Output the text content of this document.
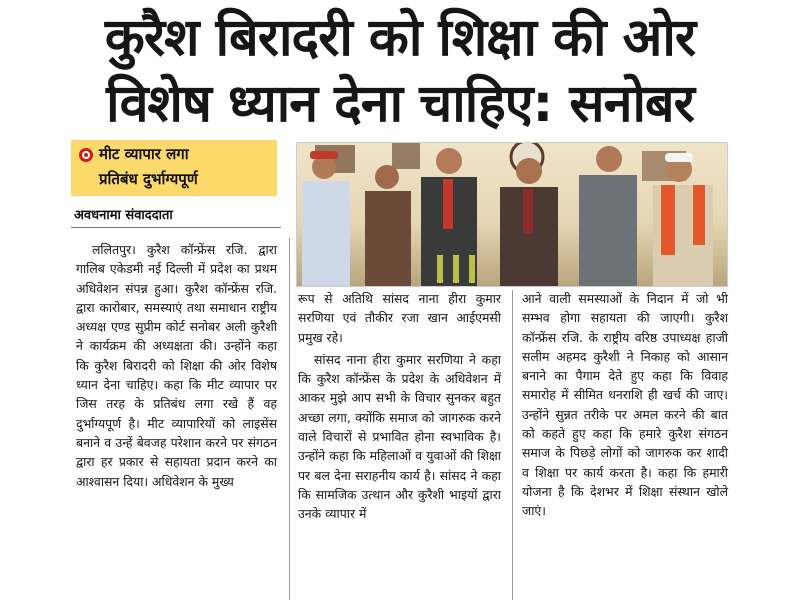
कुरैश बिरादरी को शिक्षा की ओर
विशेष ध्यान देना चाहिए: सनोबर
मीट व्यापार लगा
प्रतिबंध दुर्भाग्यपूर्ण
अवधनामा संवाददाता

ललितपुर। कुरैश कॉन्फ्रेंस रजि. द्वारा गालिब एकेडमी नई दिल्ली में प्रदेश का प्रथम अधिवेशन संपन्न हुआ। कुरैश कॉन्फ्रेंस रजि. द्वारा कारोबार, समस्याएं तथा समाधान राष्ट्रीय अध्यक्ष एण्ड सुप्रीम कोर्ट सनोबर अली कुरैशी ने कार्यक्रम की अध्यक्षता की। उन्होंने कहा कि कुरैश बिरादरी को शिक्षा की ओर विशेष ध्यान देना चाहिए। कहा कि मीट व्यापार पर जिस तरह के प्रतिबंध लगा रखे हैं वह दुर्भाग्यपूर्ण है। मीट व्यापारियों को लाइसेंस बनाने व उन्हें बेवजह परेशान करने पर संगठन द्वारा हर प्रकार से सहायता प्रदान करने का आश्वासन दिया। अधिवेशन के मुख्य

रूप से अतिथि सांसद नाना हीरा कुमार सरणिया एवं तौकीर रजा खान आईएमसी प्रमुख रहे।

सांसद नाना हीरा कुमार सरणिया ने कहा कि कुरैश कॉन्फ्रेंस के प्रदेश के अधिवेशन में आकर मुझे आप सभी के विचार सुनकर बहुत अच्छा लगा, क्योंकि समाज को जागरुक करने वाले विचारों से प्रभावित होना स्वभाविक है। उन्होंने कहा कि महिलाओं व युवाओं की शिक्षा पर बल देना सराहनीय कार्य है। सांसद ने कहा कि सामजिक उत्थान और कुरैशी भाइयों द्वारा उनके व्यापार में

आने वाली समस्याओं के निदान में जो भी सम्भव होगा सहायता की जाएगी। कुरैश कॉन्फ्रेंस रजि. के राष्ट्रीय वरिष्ठ उपाध्यक्ष हाजी सलीम अहमद कुरैशी ने निकाह को आसान बनाने का पैगाम देते हुए कहा कि विवाह समारोह में सीमित धनराशि ही खर्च की जाए। उन्होंने सुन्नत तरीके पर अमल करने की बात को कहते हुए कहा कि हमारे कुरैश संगठन समाज के पिछड़े लोगों को जागरुक कर शादी व शिक्षा पर कार्य करता है। कहा कि हमारी योजना है कि देशभर में शिक्षा संस्थान खोले जाएं।
